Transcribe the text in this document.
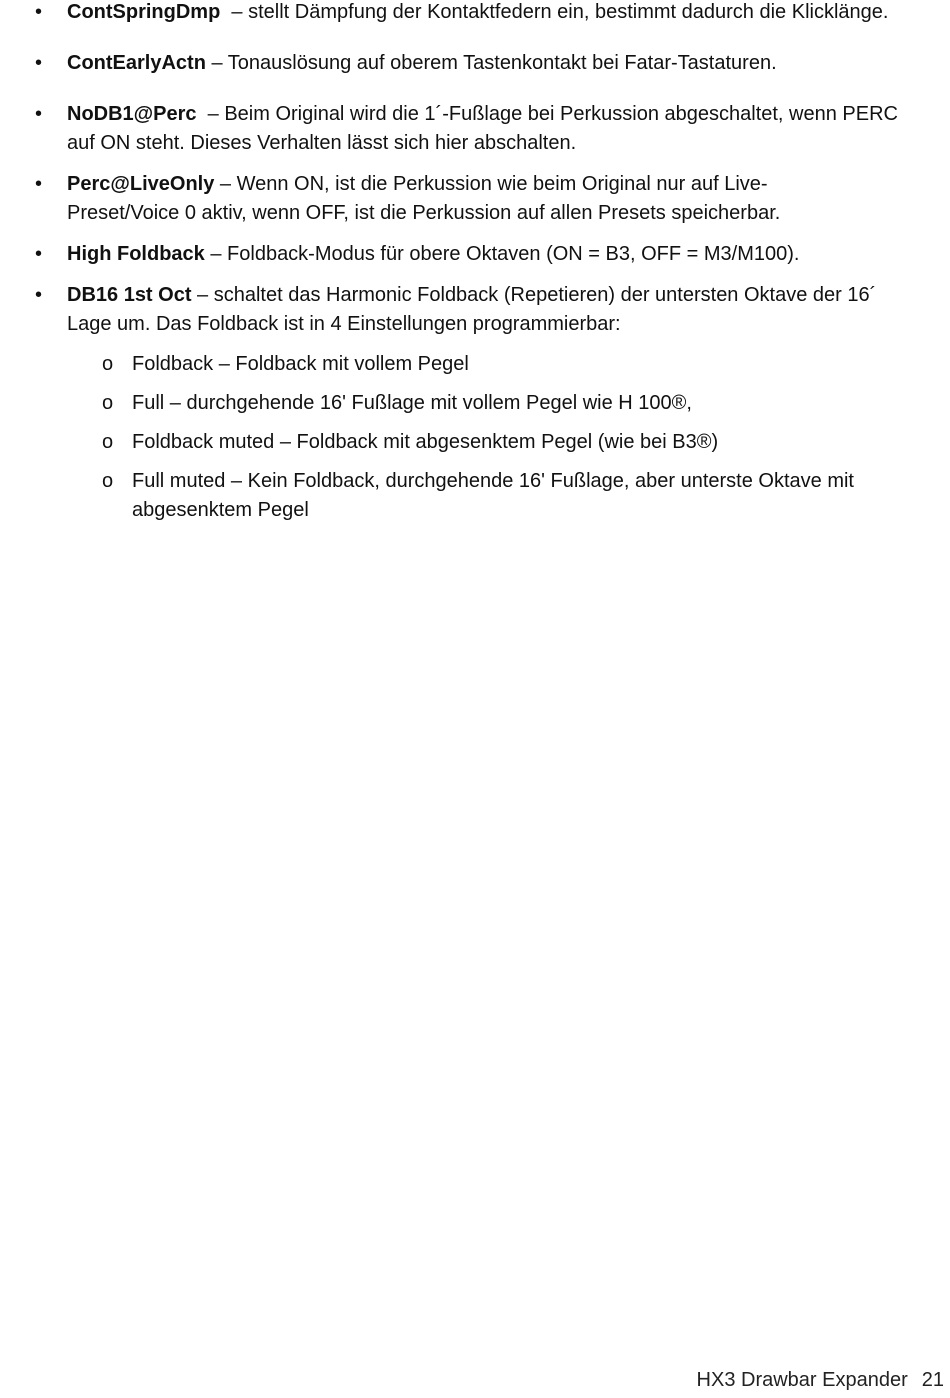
• ContSpringDmp  – stellt Dämpfung der Kontaktfedern ein, bestimmt dadurch die Klicklänge.
• ContEarlyActn – Tonauslösung auf oberem Tastenkontakt bei Fatar-Tastaturen.
• NoDB1@Perc  – Beim Original wird die 1´-Fußlage bei Perkussion abgeschaltet, wenn PERC auf ON steht. Dieses Verhalten lässt sich hier abschalten.
• Perc@LiveOnly – Wenn ON, ist die Perkussion wie beim Original nur auf Live-Preset/Voice 0 aktiv, wenn OFF, ist die Perkussion auf allen Presets speicherbar.
• High Foldback – Foldback-Modus für obere Oktaven (ON = B3, OFF = M3/M100).
• DB16 1st Oct – schaltet das Harmonic Foldback (Repetieren) der untersten Oktave der 16´
Lage um. Das Foldback ist in 4 Einstellungen programmierbar:
o Foldback – Foldback mit vollem Pegel
o Full – durchgehende 16' Fußlage mit vollem Pegel wie H 100®,
o Foldback muted – Foldback mit abgesenktem Pegel (wie bei B3®)
o Full muted – Kein Foldback, durchgehende 16' Fußlage, aber unterste Oktave mit abgesenktem Pegel
HX3 Drawbar Expander 21
